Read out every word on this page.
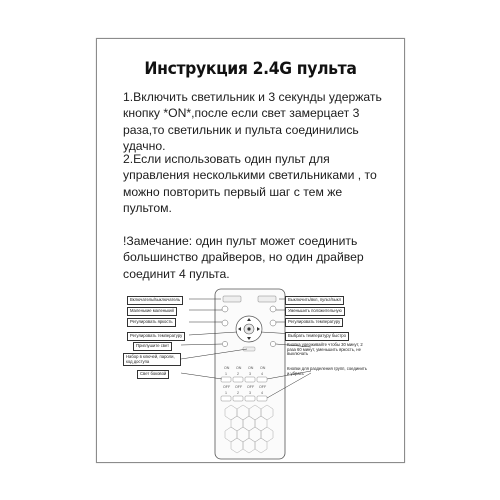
Инструкция 2.4G пульта

1.Включить светильник и 3 секунды удержать кнопку *ON*,после если свет замерцает 3 раза,то светильник и пульта соединились удачно.

2.Если использовать один пульт для управления несколькими светильниками , то можно повторить первый шаг с тем же пультом.

!Замечание: один пульт может соединить большинство драйверов, но один драйвер соединит 4 пульта.

ON ON ON ON
1	2	3	4
OFF OFF OFF OFF
1	2	3	4
Включатель/выключатель
Маленькие маленький
Регулировать яркость
Регулировать температуру
Приглушите свет
Набор в ключей, пароли, код доступа
Свет боковой
Выключить/вкл, пульт/выкл
Уменьшить положительную
Регулировать температуру
Выбрать температуру быстро
Кнопка удерживайте чтобы 30 минут, 2 раза 60 минут, уменьшить яркость, не выключать
Кнопки для разделения групп, соединить и убрать
